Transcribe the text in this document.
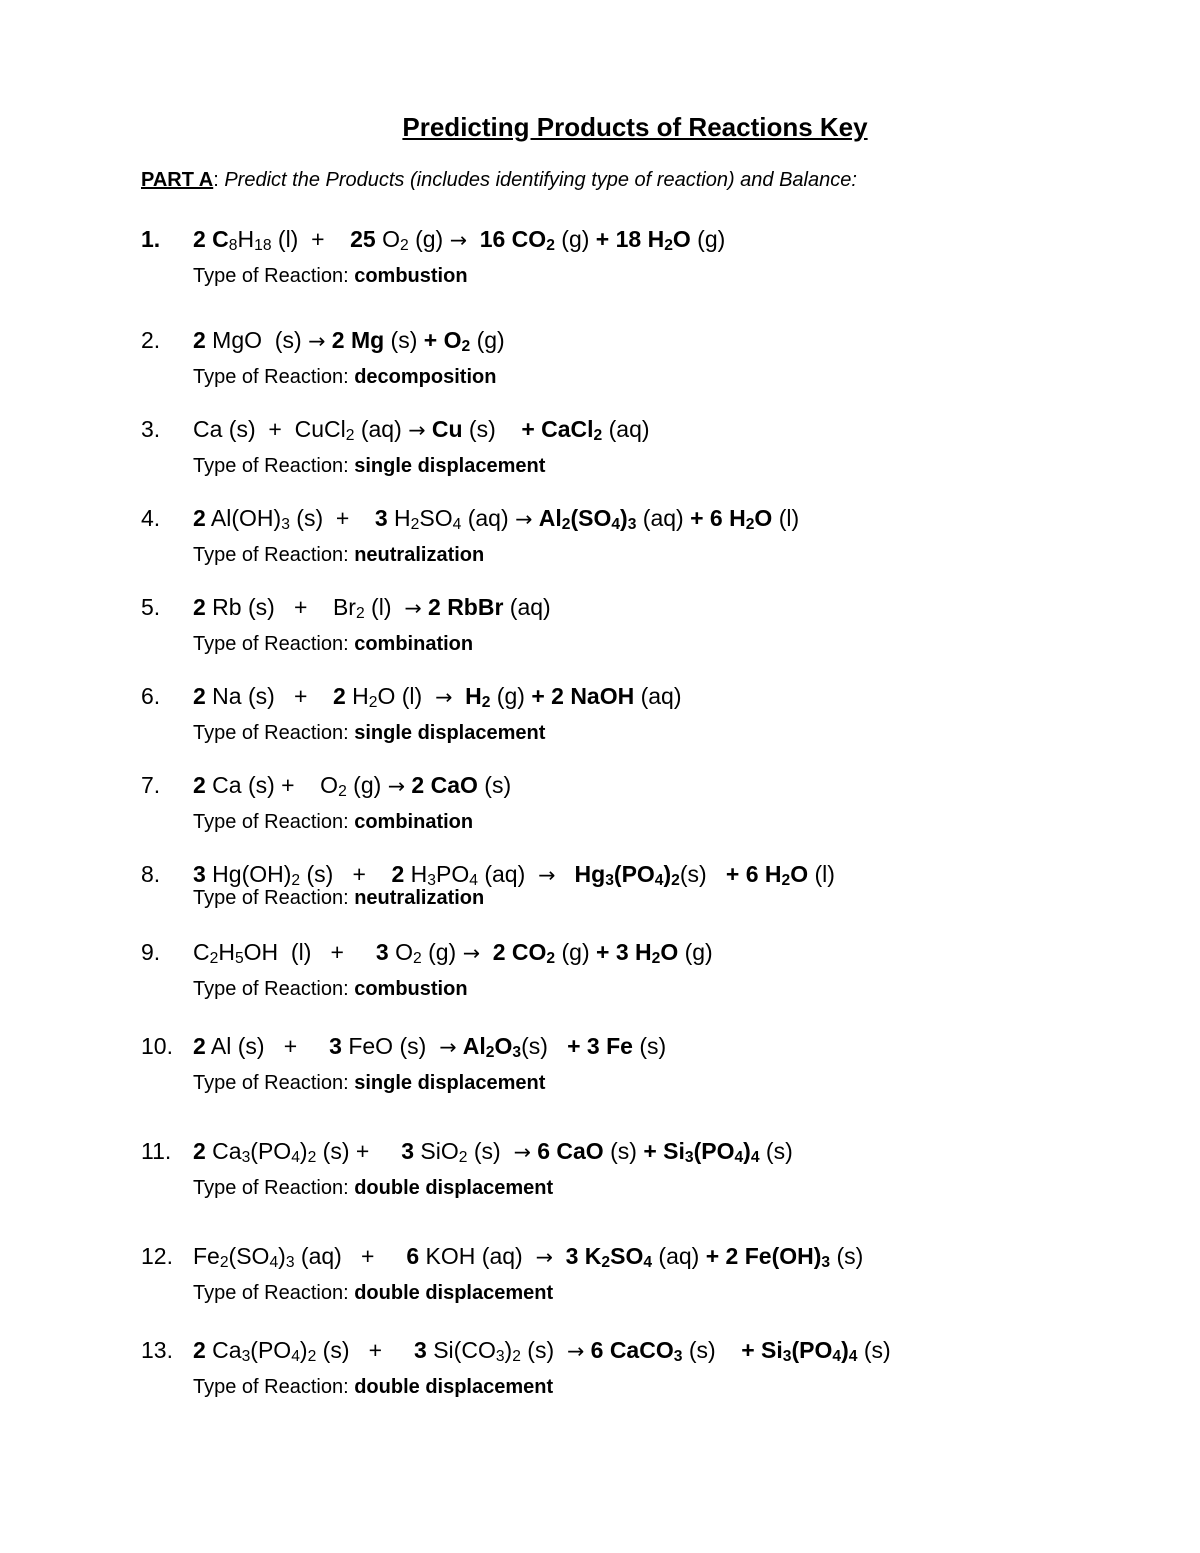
Predicting Products of Reactions Key
PART A: Predict the Products (includes identifying type of reaction) and Balance:
1. 2 $C_8H_{18}$ (l)  +    25 $O_2$ (g) → 16 $CO_2$ (g) + 18 $H_2O$ (g)
Type of Reaction: combustion
2. 2 MgO  (s) → 2 Mg $(s) + O_2$ (g)
Type of Reaction: decomposition
3. Ca (s)  +  CuCl$_2$ (aq) → Cu (s)    + CaCl$_2$ (aq)
Type of Reaction: single displacement
4. 2 $Al(OH)_3$ (s)  +    3 $H_2SO_4$ $(aq) \to Al_2(SO_4)_3$ (aq) + 6 $H_2O$ (l)
Type of Reaction: neutralization
5. 2 Rb (s)   +    $Br_2$ (l)  → 2 RbBr (aq)
Type of Reaction: combination
6. 2 Na (s)   +    2 $H_2O$ $(l) \to H_2$ (g) + 2 NaOH (aq)
Type of Reaction: single displacement
7. 2 Ca (s) +    $O_2$ (g) → 2 CaO (s)
Type of Reaction: combination
8. 3 $Hg(OH)_2$ (s)   +    2 $H_3PO_4$ $(aq) \to Hg_3(PO_4)_2(s) + 6$ $H_2O$ (l)
Type of Reaction: neutralization
9. $C_2H_5OH$  (l)   +     3 $O_2$ (g) → 2 $CO_2$ (g) + 3 $H_2O$ (g)
Type of Reaction: combustion
10. 2 Al (s)   +     3 FeO $(s) \to Al_2O_3(s) + 3$ Fe (s)
Type of Reaction: single displacement
11. 2 $Ca_3(PO_4)_2$ (s) +     3 SiO$_2$ (s)  → 6 CaO $(s) + Si_3(PO_4)_4$ (s)
Type of Reaction: double displacement
12. $Fe_2(SO_4)_3$ (aq)   +     6 KOH (aq)  → 3 $K_2SO_4$ (aq) + 2 $Fe(OH)_3$ (s)
Type of Reaction: double displacement
13. 2 $Ca_3(PO_4)_2$ (s)   +     3 $Si(CO_3)_2$ (s)  → 6 CaCO$_3$ (s)    + $Si_3(PO_4)_4$ (s)
Type of Reaction: double displacement
